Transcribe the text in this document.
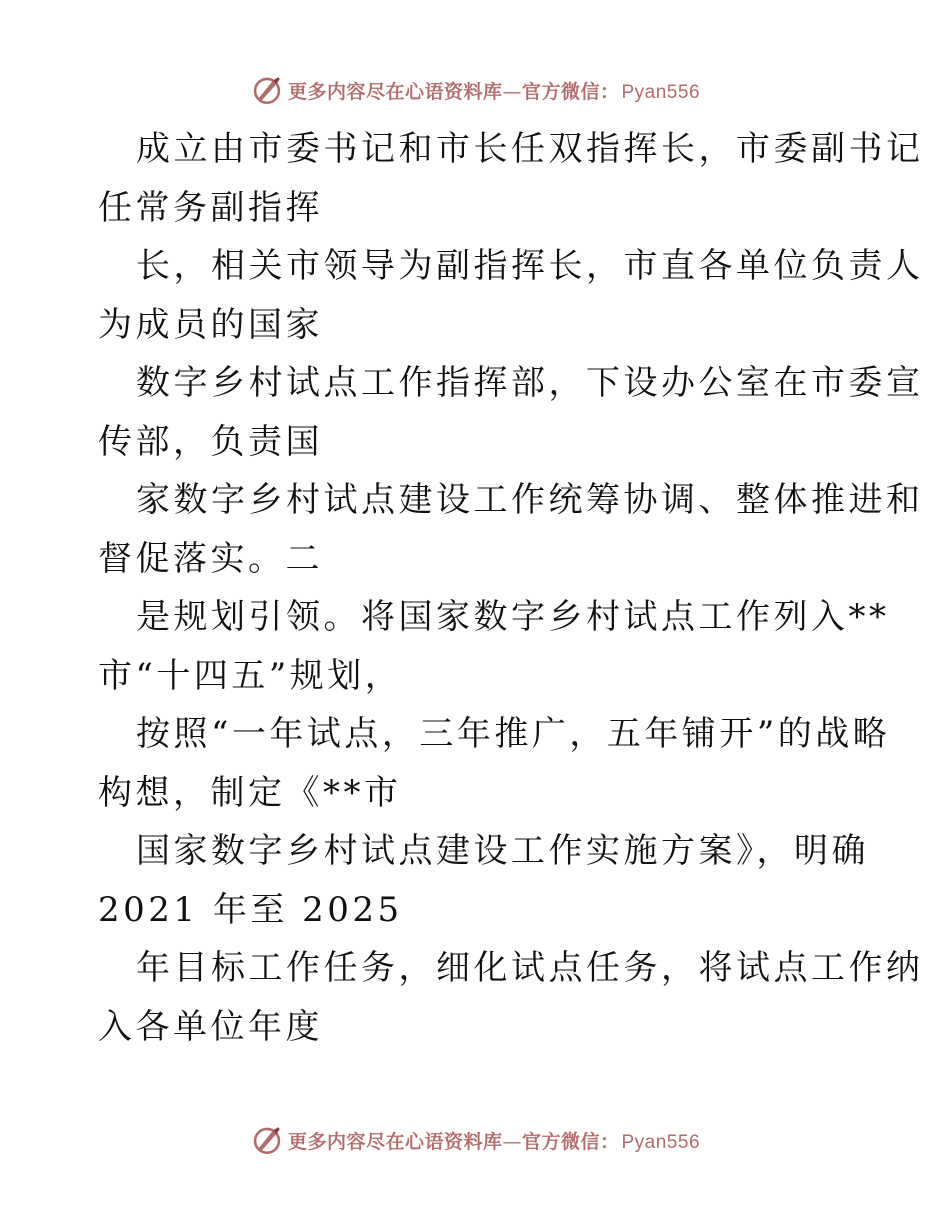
更多内容尽在心语资料库—官方微信： Pyan556
成立由市委书记和市长任双指挥长，市委副书记
任常务副指挥
长，相关市领导为副指挥长，市直各单位负责人
为成员的国家
数字乡村试点工作指挥部，下设办公室在市委宣
传部，负责国
家数字乡村试点建设工作统筹协调、整体推进和
督促落实。二
是规划引领。将国家数字乡村试点工作列入**
市“十四五”规划，
按照“一年试点，三年推广，五年铺开”的战略
构想，制定《**市
国家数字乡村试点建设工作实施方案》，明确
2021 年至 2025
年目标工作任务，细化试点任务，将试点工作纳
入各单位年度
更多内容尽在心语资料库—官方微信： Pyan556
